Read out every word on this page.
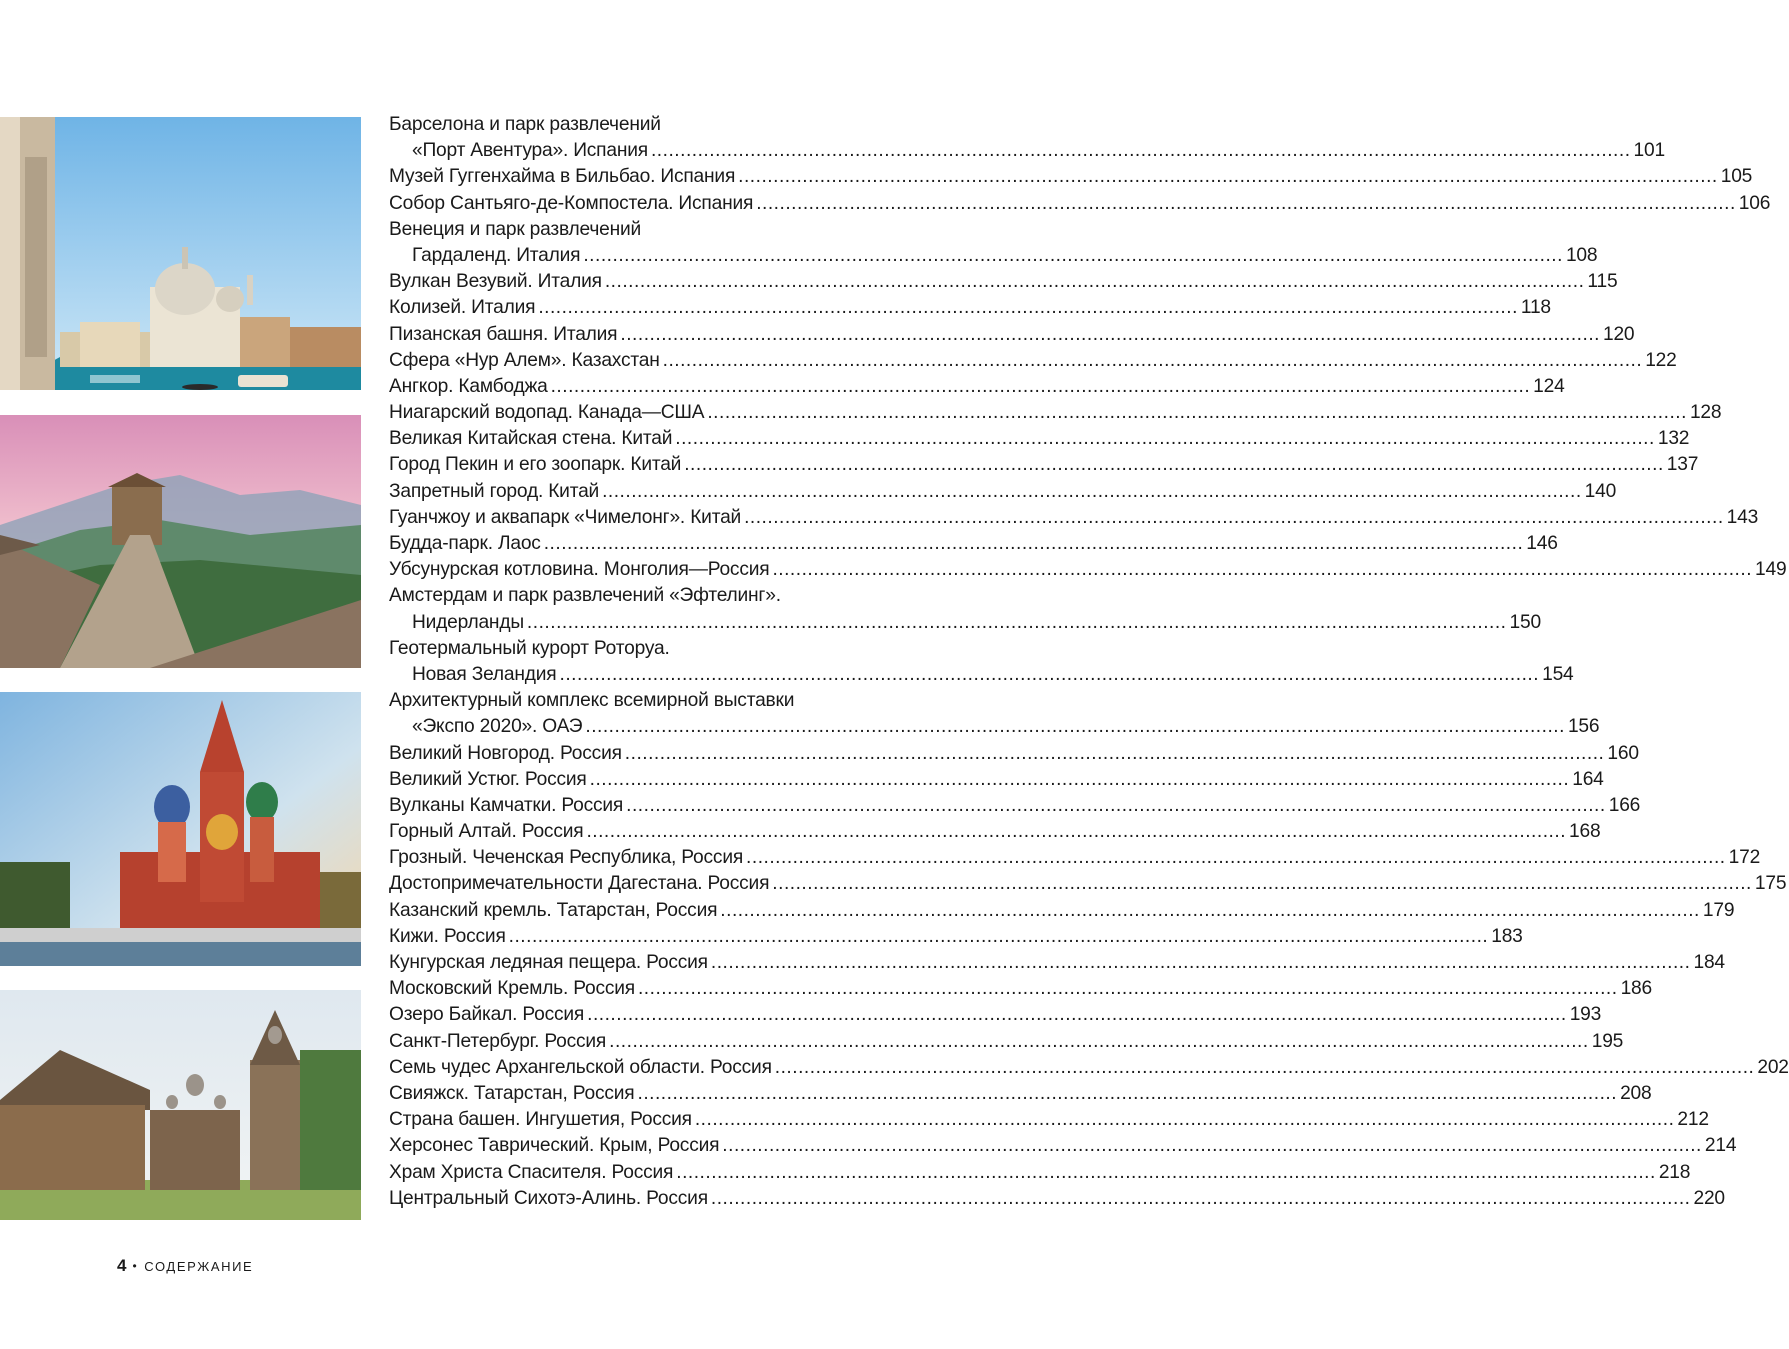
Барселона и парк развлечений
«Порт Авентура». Испания .....	101
Музей Гуггенхайма в Бильбао. Испания .....	105
Собор Сантьяго-де-Компостела. Испания .....	106
Венеция и парк развлечений
Гардаленд. Италия .....	108
Вулкан Везувий. Италия .....	115
Колизей. Италия .....	118
Пизанская башня. Италия .....	120
Сфера «Нур Алем». Казахстан .....	122
Ангкор. Камбоджа .....	124
Ниагарский водопад. Канада—США .....	128
Великая Китайская стена. Китай .....	132
Город Пекин и его зоопарк. Китай .....	137
Запретный город. Китай .....	140
Гуанчжоу и аквапарк «Чимелонг». Китай .....	143
Будда-парк. Лаос .....	146
Убсунурская котловина. Монголия—Россия .....	149
Амстердам и парк развлечений «Эфтелинг».
Нидерланды .....	150
Геотермальный курорт Роторуа.
Новая Зеландия .....	154
Архитектурный комплекс всемирной выставки
«Экспо 2020». ОАЭ .....	156
Великий Новгород. Россия .....	160
Великий Устюг. Россия .....	164
Вулканы Камчатки. Россия .....	166
Горный Алтай. Россия .....	168
Грозный. Чеченская Республика, Россия .....	172
Достопримечательности Дагестана. Россия .....	175
Казанский кремль. Татарстан, Россия .....	179
Кижи. Россия .....	183
Кунгурская ледяная пещера. Россия .....	184
Московский Кремль. Россия .....	186
Озеро Байкал. Россия .....	193
Санкт-Петербург. Россия .....	195
Семь чудес Архангельской области. Россия .....	202
Свияжск. Татарстан, Россия .....	208
Страна башен. Ингушетия, Россия .....	212
Херсонес Таврический. Крым, Россия .....	214
Храм Христа Спасителя. Россия .....	218
Центральный Сихотэ-Алинь. Россия .....	220
4 • СОДЕРЖАНИЕ
